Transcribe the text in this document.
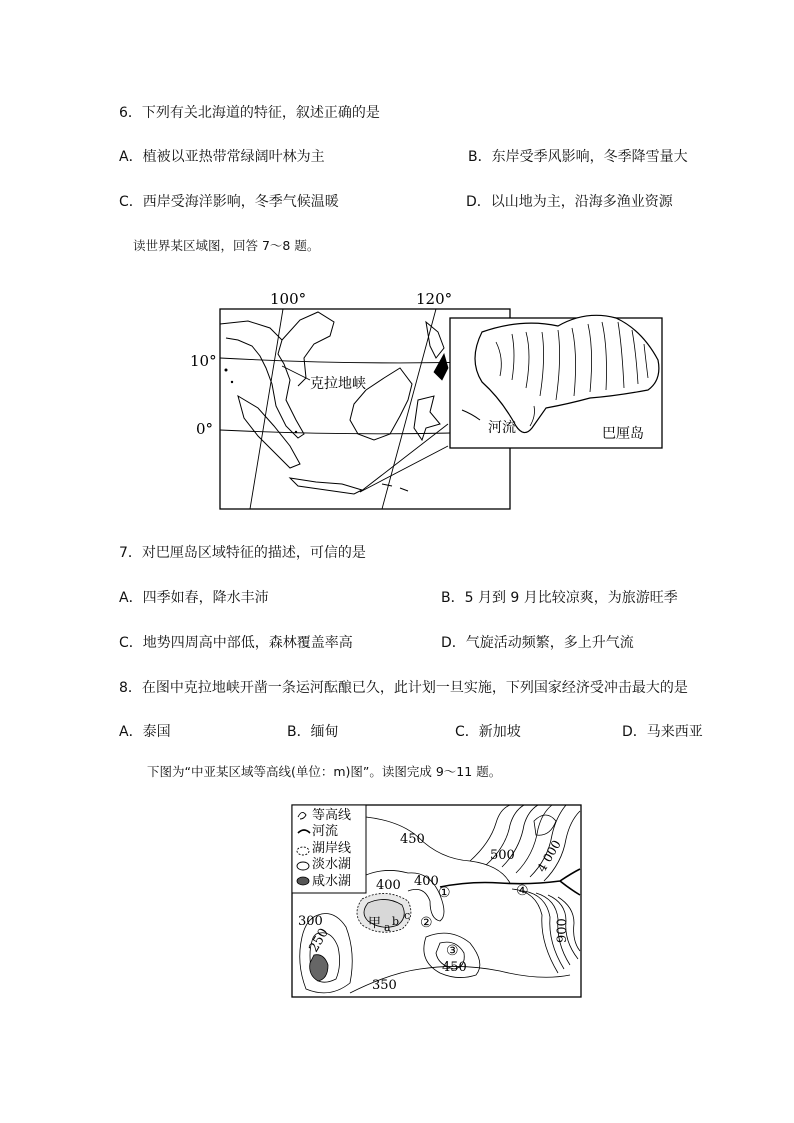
6．下列有关北海道的特征，叙述正确的是
A．植被以亚热带常绿阔叶林为主	B．东岸受季风影响，冬季降雪量大
C．西岸受海洋影响，冬季气候温暖	D．以山地为主，沿海多渔业资源
读世界某区域图，回答 7～8 题。
100°	120°
10°
0°
克拉地峡
河流	巴厘岛
7．对巴厘岛区域特征的描述，可信的是
A．四季如春，降水丰沛	B．5 月到 9 月比较凉爽，为旅游旺季
C．地势四周高中部低，森林覆盖率高	D．气旋活动频繁，多上升气流
8．在图中克拉地峡开凿一条运河酝酿已久，此计划一旦实施，下列国家经济受冲击最大的是
A．泰国	B．缅甸	C．新加坡	D．马来西亚
下图为“中亚某区域等高线(单位：m)图”。读图完成 9～11 题。
等高线
河流
湖岸线
淡水湖
咸水湖
①
②
③
④
450
500 4 000
400 400
300
250
350
450
900
甲 a b c
